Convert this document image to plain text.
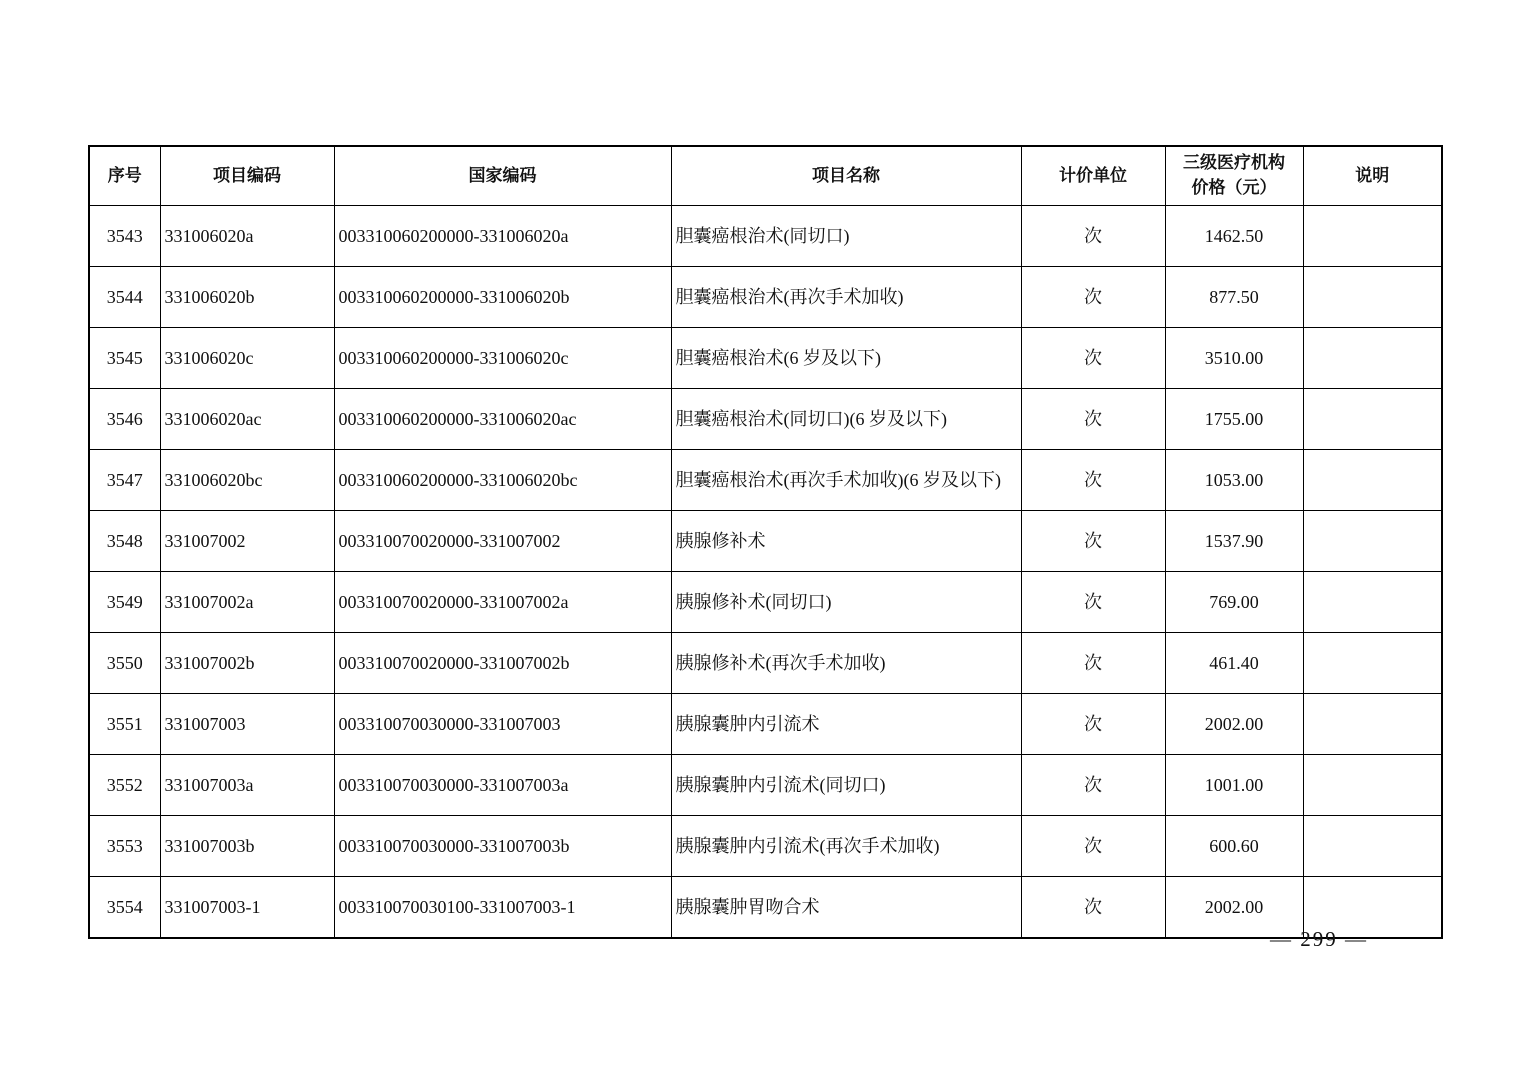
序号	项目编码	国家编码	项目名称	计价单位	三级医疗机构
价格（元）	说明
3543	331006020a	003310060200000-331006020a	胆囊癌根治术(同切口)	次	1462.50	
3544	331006020b	003310060200000-331006020b	胆囊癌根治术(再次手术加收)	次	877.50	
3545	331006020c	003310060200000-331006020c	胆囊癌根治术(6 岁及以下)	次	3510.00	
3546	331006020ac	003310060200000-331006020ac	胆囊癌根治术(同切口)(6 岁及以下)	次	1755.00	
3547	331006020bc	003310060200000-331006020bc	胆囊癌根治术(再次手术加收)(6 岁及以下)	次	1053.00	
3548	331007002	003310070020000-331007002	胰腺修补术	次	1537.90	
3549	331007002a	003310070020000-331007002a	胰腺修补术(同切口)	次	769.00	
3550	331007002b	003310070020000-331007002b	胰腺修补术(再次手术加收)	次	461.40	
3551	331007003	003310070030000-331007003	胰腺囊肿内引流术	次	2002.00	
3552	331007003a	003310070030000-331007003a	胰腺囊肿内引流术(同切口)	次	1001.00	
3553	331007003b	003310070030000-331007003b	胰腺囊肿内引流术(再次手术加收)	次	600.60	
3554	331007003-1	003310070030100-331007003-1	胰腺囊肿胃吻合术	次	2002.00	
— 299 —
